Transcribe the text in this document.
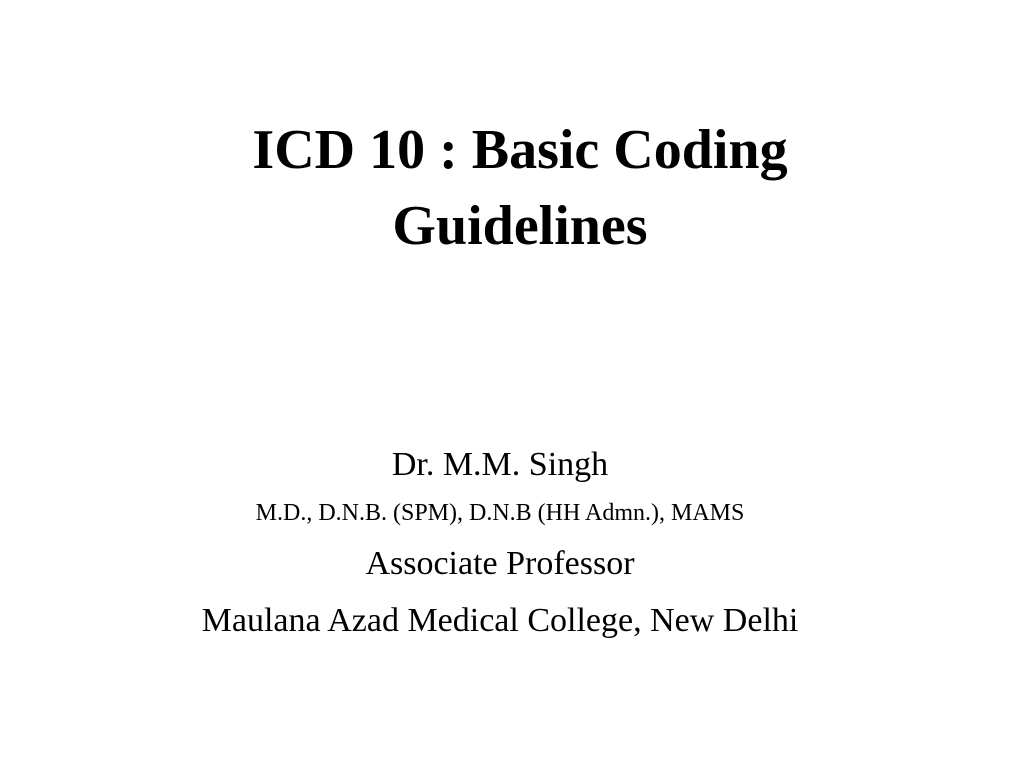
ICD 10 : Basic Coding
Guidelines
Dr. M.M. Singh
M.D., D.N.B. (SPM), D.N.B (HH Admn.), MAMS
Associate Professor
Maulana Azad Medical College, New Delhi
